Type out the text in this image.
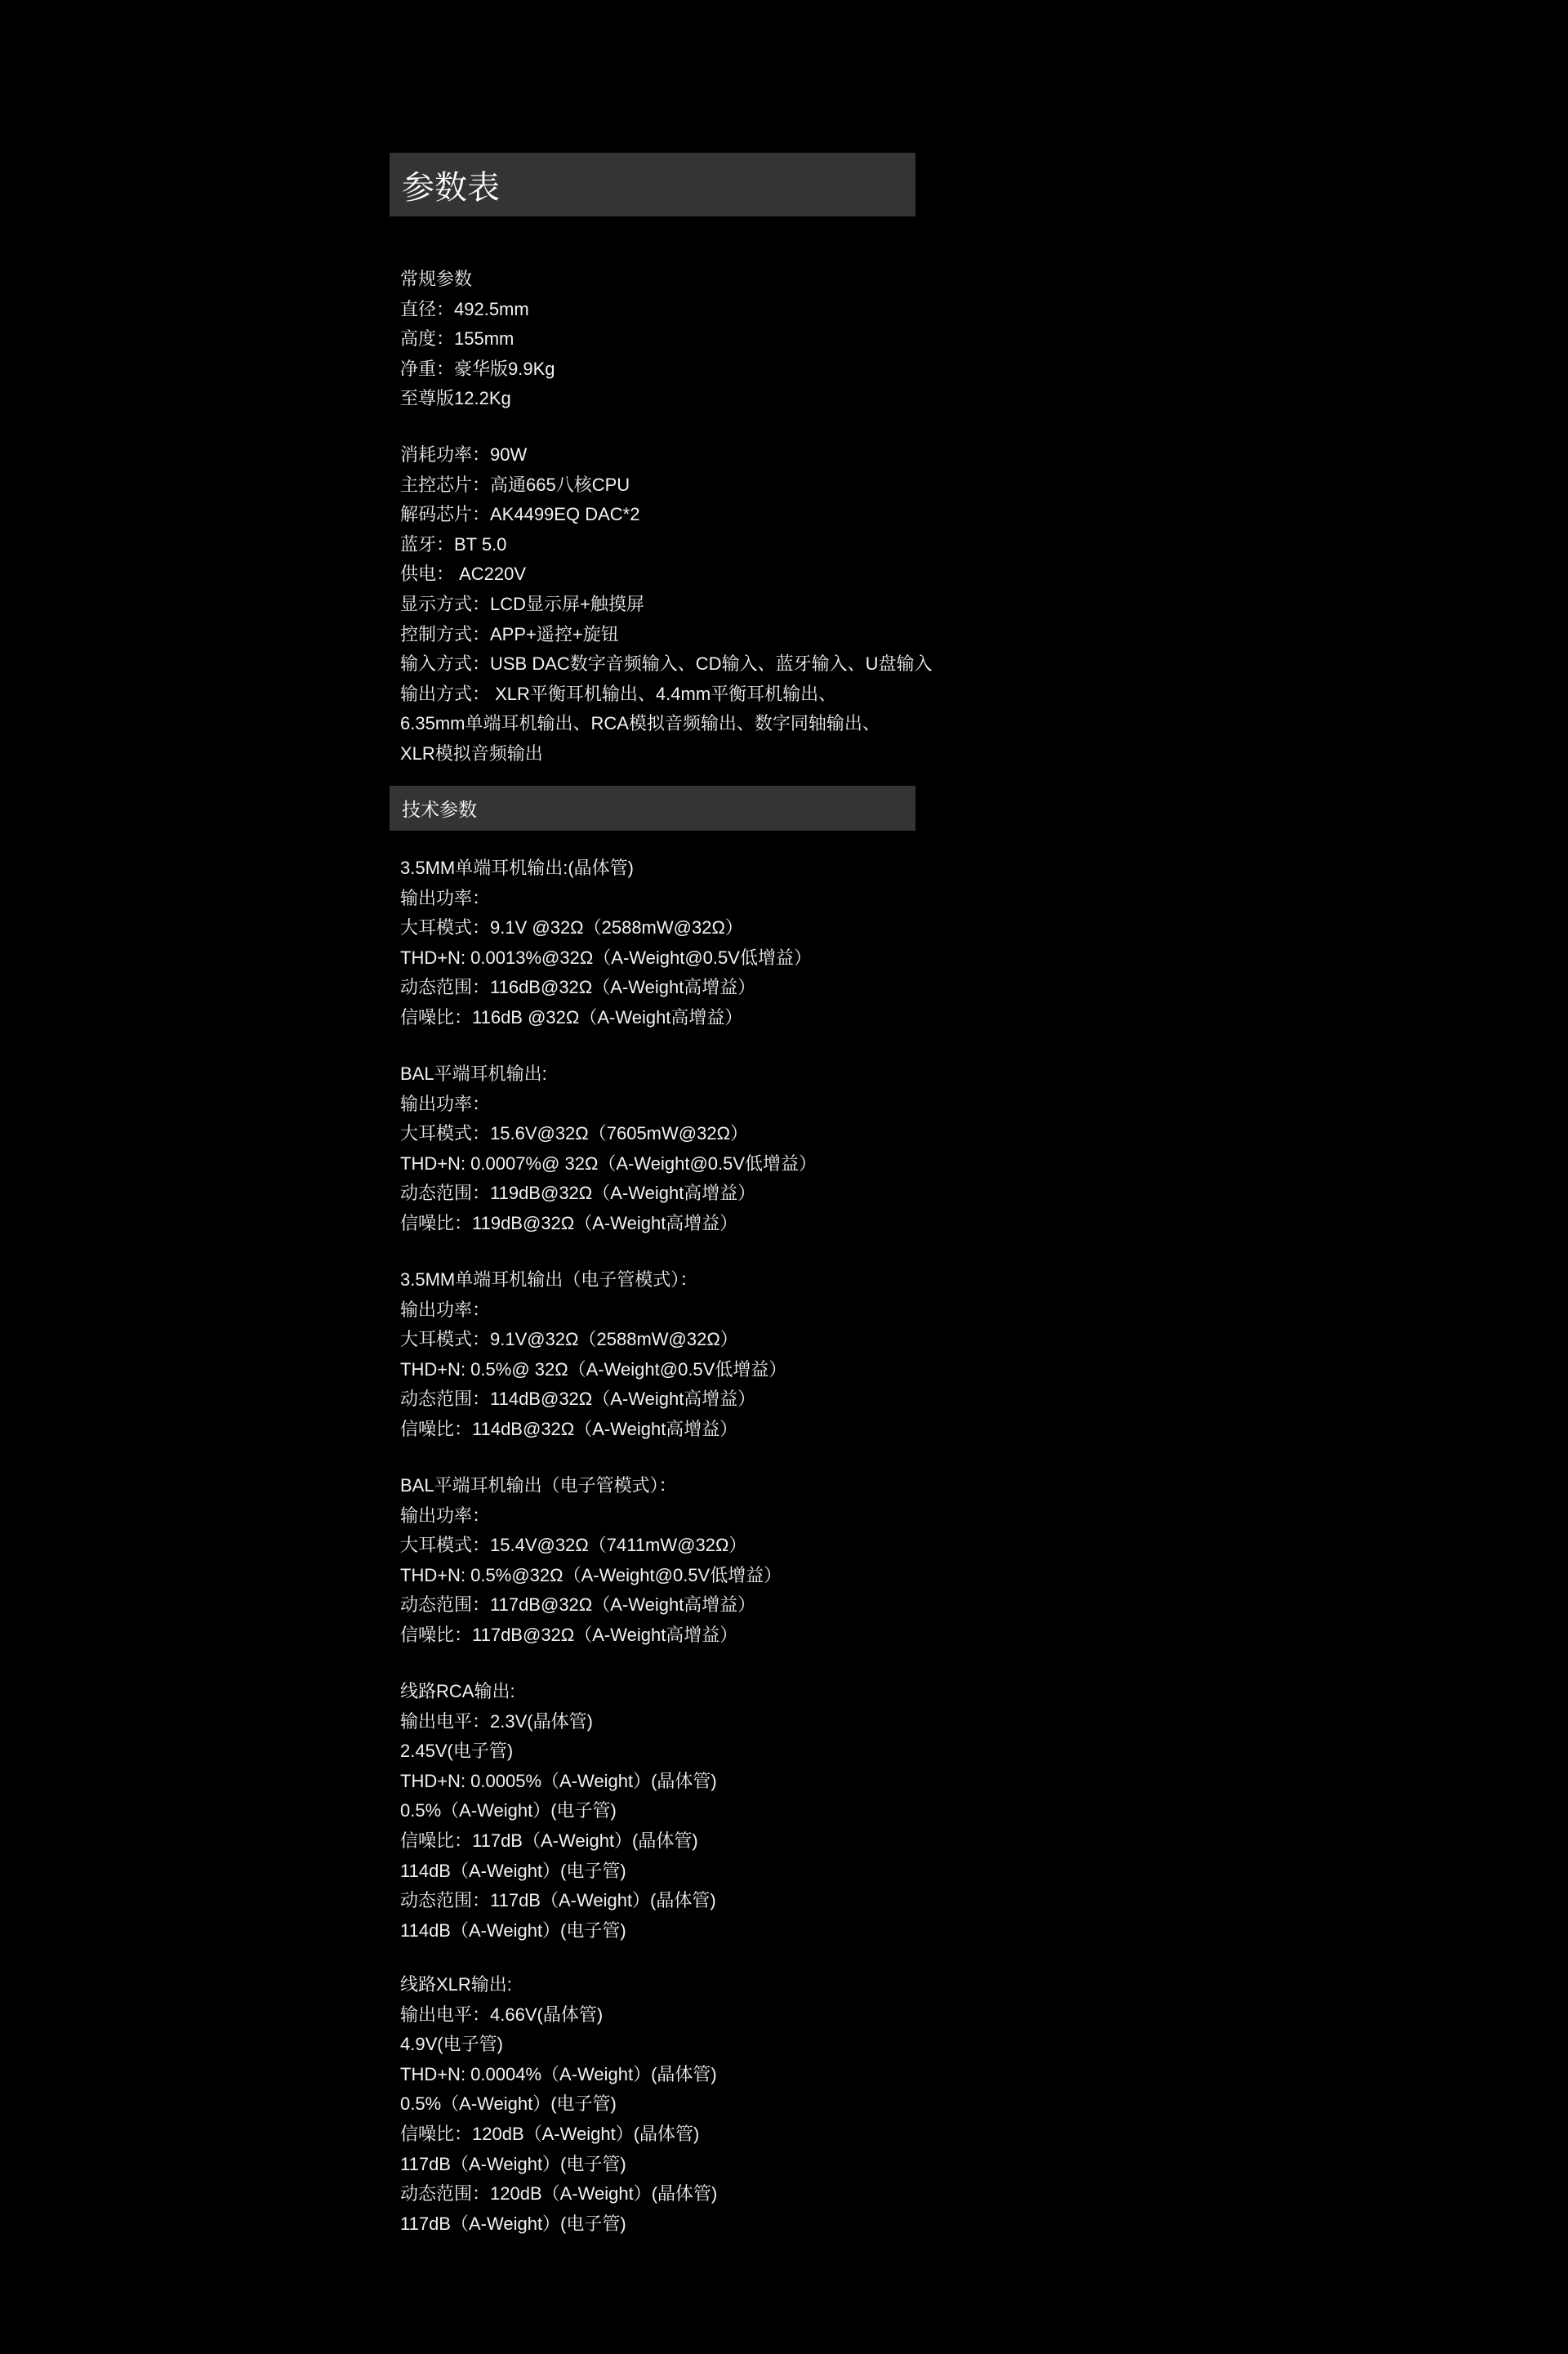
参数表
常规参数
直径：492.5mm
高度：155mm
净重：豪华版9.9Kg
至尊版12.2Kg
消耗功率：90W
主控芯片：高通665八核CPU
解码芯片：AK4499EQ DAC*2
蓝牙：BT 5.0
供电： AC220V
显示方式：LCD显示屏+触摸屏
控制方式：APP+遥控+旋钮
输入方式：USB DAC数字音频输入、CD输入、蓝牙输入、U盘输入
输出方式： XLR平衡耳机输出、4.4mm平衡耳机输出、
6.35mm单端耳机输出、RCA模拟音频输出、数字同轴输出、
XLR模拟音频输出
技术参数
3.5MM单端耳机输出:(晶体管)
输出功率：
大耳模式：9.1V @32Ω（2588mW@32Ω）
THD+N: 0.0013%@32Ω（A-Weight@0.5V低增益）
动态范围：116dB@32Ω（A-Weight高增益）
信噪比：116dB @32Ω（A-Weight高增益）
BAL平端耳机输出:
输出功率：
大耳模式：15.6V@32Ω（7605mW@32Ω）
THD+N: 0.0007%@ 32Ω（A-Weight@0.5V低增益）
动态范围：119dB@32Ω（A-Weight高增益）
信噪比：119dB@32Ω（A-Weight高增益）
3.5MM单端耳机输出（电子管模式）：
输出功率：
大耳模式：9.1V@32Ω（2588mW@32Ω）
THD+N: 0.5%@ 32Ω（A-Weight@0.5V低增益）
动态范围：114dB@32Ω（A-Weight高增益）
信噪比：114dB@32Ω（A-Weight高增益）
BAL平端耳机输出（电子管模式）：
输出功率：
大耳模式：15.4V@32Ω（7411mW@32Ω）
THD+N: 0.5%@32Ω（A-Weight@0.5V低增益）
动态范围：117dB@32Ω（A-Weight高增益）
信噪比：117dB@32Ω（A-Weight高增益）
线路RCA输出:
输出电平：2.3V(晶体管)
2.45V(电子管)
THD+N: 0.0005%（A-Weight）(晶体管)
0.5%（A-Weight）(电子管)
信噪比：117dB（A-Weight）(晶体管)
114dB（A-Weight）(电子管)
动态范围：117dB（A-Weight）(晶体管)
114dB（A-Weight）(电子管)
线路XLR输出:
输出电平：4.66V(晶体管)
4.9V(电子管)
THD+N: 0.0004%（A-Weight）(晶体管)
0.5%（A-Weight）(电子管)
信噪比：120dB（A-Weight）(晶体管)
117dB（A-Weight）(电子管)
动态范围：120dB（A-Weight）(晶体管)
117dB（A-Weight）(电子管)
